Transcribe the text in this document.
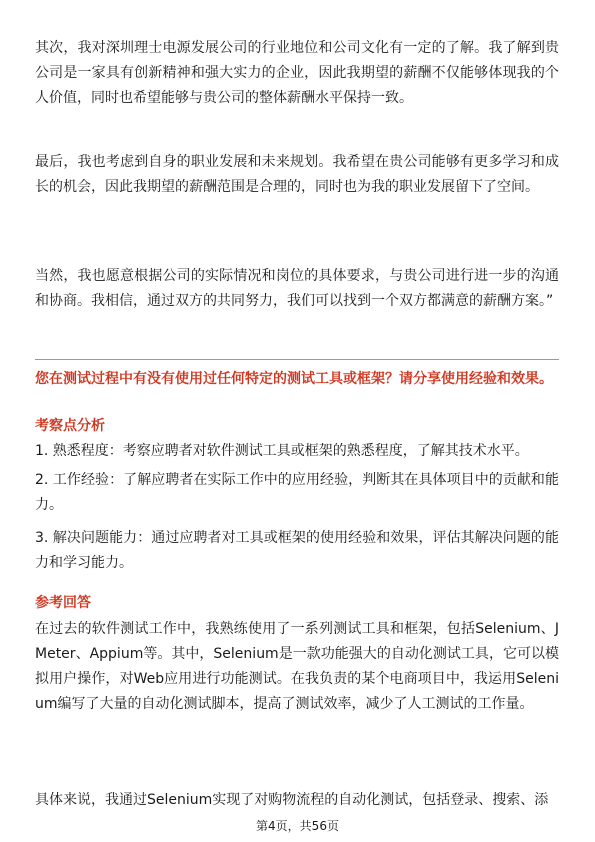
其次，我对深圳理士电源发展公司的行业地位和公司文化有一定的了解。我了解到贵公司是一家具有创新精神和强大实力的企业，因此我期望的薪酬不仅能够体现我的个人价值，同时也希望能够与贵公司的整体薪酬水平保持一致。

最后，我也考虑到自身的职业发展和未来规划。我希望在贵公司能够有更多学习和成长的机会，因此我期望的薪酬范围是合理的，同时也为我的职业发展留下了空间。

当然，我也愿意根据公司的实际情况和岗位的具体要求，与贵公司进行进一步的沟通和协商。我相信，通过双方的共同努力，我们可以找到一个双方都满意的薪酬方案。”

您在测试过程中有没有使用过任何特定的测试工具或框架？请分享使用经验和效果。

考察点分析

1. 熟悉程度：考察应聘者对软件测试工具或框架的熟悉程度，了解其技术水平。

2. 工作经验：了解应聘者在实际工作中的应用经验，判断其在具体项目中的贡献和能力。

3. 解决问题能力：通过应聘者对工具或框架的使用经验和效果，评估其解决问题的能力和学习能力。

参考回答

在过去的软件测试工作中，我熟练使用了一系列测试工具和框架，包括Selenium、JMeter、Appium等。其中，Selenium是一款功能强大的自动化测试工具，它可以模拟用户操作，对Web应用进行功能测试。在我负责的某个电商项目中，我运用Selenium编写了大量的自动化测试脚本，提高了测试效率，减少了人工测试的工作量。

具体来说，我通过Selenium实现了对购物流程的自动化测试，包括登录、搜索、添

第4页，共56页
